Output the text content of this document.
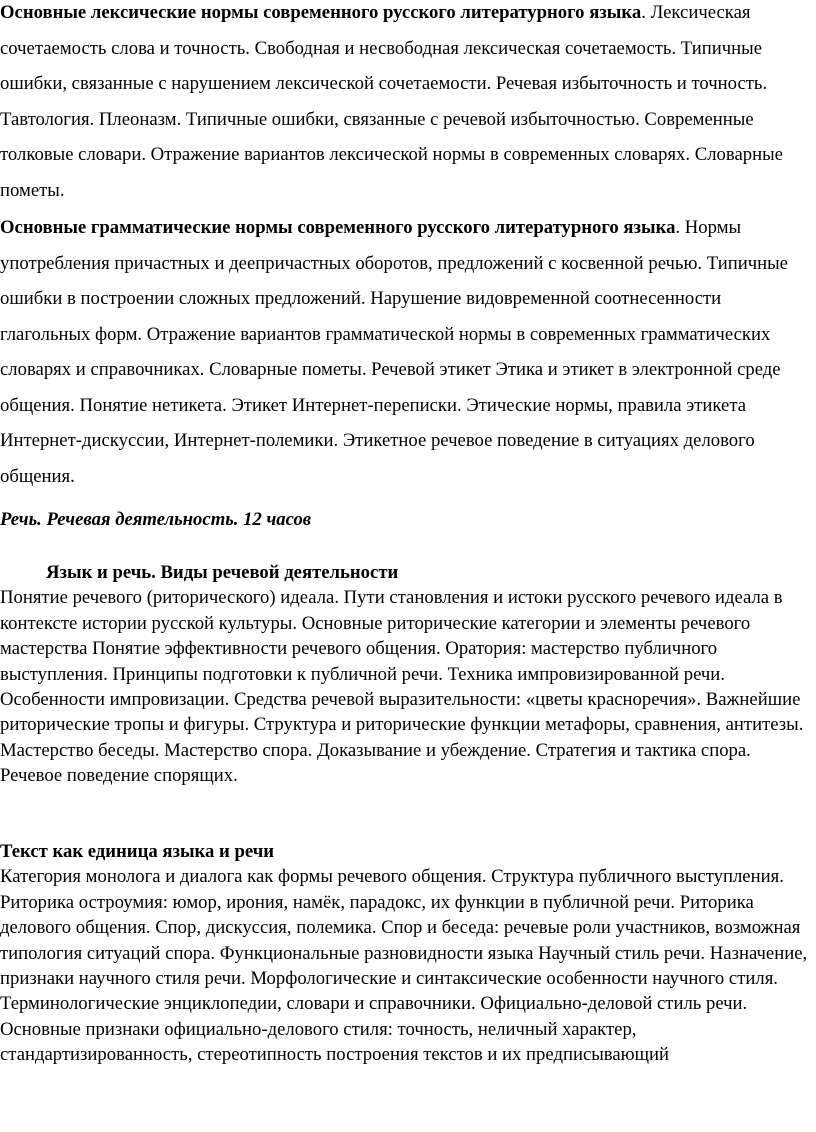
Основные лексические нормы современного русского литературного языка. Лексическая сочетаемость слова и точность. Свободная и несвободная лексическая сочетаемость. Типичные ошибки, связанные с нарушением лексической сочетаемости. Речевая избыточность и точность. Тавтология. Плеоназм. Типичные ошибки, связанные с речевой избыточностью. Современные толковые словари. Отражение вариантов лексической нормы в современных словарях. Словарные пометы.

Основные грамматические нормы современного русского литературного языка. Нормы употребления причастных и деепричастных оборотов, предложений с косвенной речью. Типичные ошибки в построении сложных предложений. Нарушение видовременной соотнесенности глагольных форм. Отражение вариантов грамматической нормы в современных грамматических словарях и справочниках. Словарные пометы. Речевой этикет Этика и этикет в электронной среде общения. Понятие нетикета. Этикет Интернет-переписки. Этические нормы, правила этикета Интернет-дискуссии, Интернет-полемики. Этикетное речевое поведение в ситуациях делового общения.

Речь. Речевая деятельность. 12 часов

Язык и речь. Виды речевой деятельности

Понятие речевого (риторического) идеала. Пути становления и истоки русского речевого идеала в контексте истории русской культуры. Основные риторические категории и элементы речевого мастерства Понятие эффективности речевого общения. Оратория: мастерство публичного выступления. Принципы подготовки к публичной речи. Техника импровизированной речи. Особенности импровизации. Средства речевой выразительности: «цветы красноречия». Важнейшие риторические тропы и фигуры. Структура и риторические функции метафоры, сравнения, антитезы. Мастерство беседы. Мастерство спора. Доказывание и убеждение. Стратегия и тактика спора. Речевое поведение спорящих.

Текст как единица языка и речи

Категория монолога и диалога как формы речевого общения. Структура публичного выступления. Риторика остроумия: юмор, ирония, намёк, парадокс, их функции в публичной речи. Риторика делового общения. Спор, дискуссия, полемика. Спор и беседа: речевые роли участников, возможная типология ситуаций спора. Функциональные разновидности языка Научный стиль речи. Назначение, признаки научного стиля речи. Морфологические и синтаксические особенности научного стиля. Терминологические энциклопедии, словари и справочники. Официально-деловой стиль речи. Основные признаки официально-делового стиля: точность, неличный характер, стандартизированность, стереотипность построения текстов и их предписывающий
